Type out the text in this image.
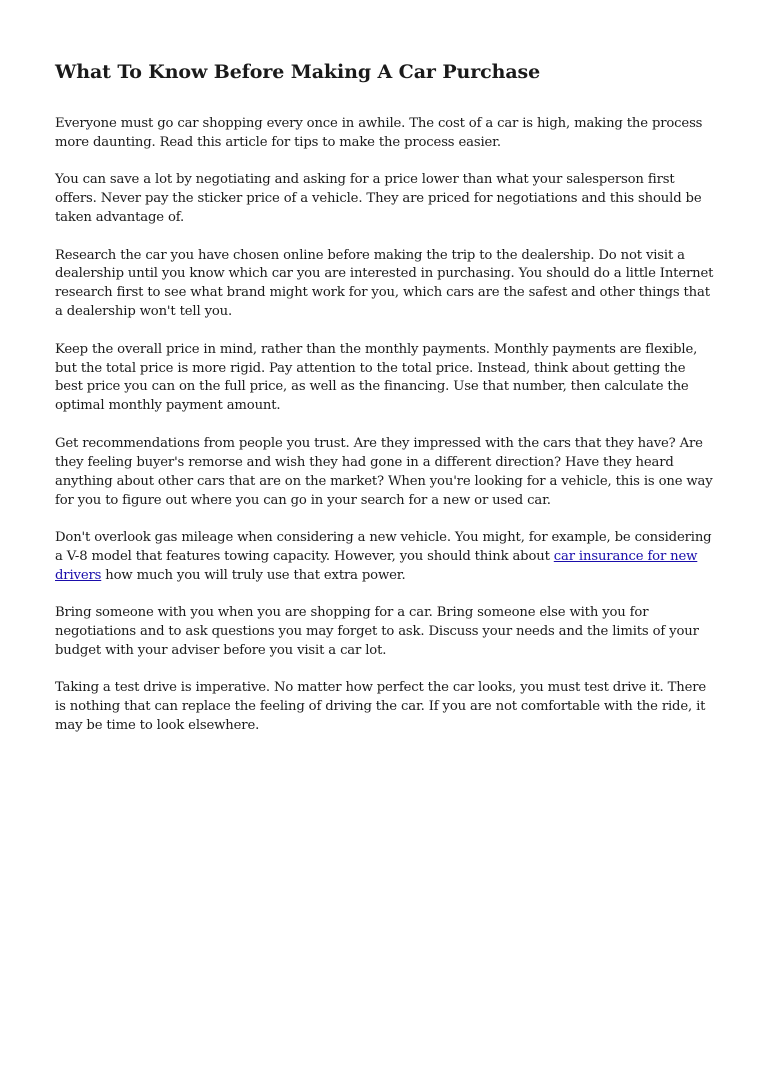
What To Know Before Making A Car Purchase

Everyone must go car shopping every once in awhile. The cost of a car is high, making the process more daunting. Read this article for tips to make the process easier.

You can save a lot by negotiating and asking for a price lower than what your salesperson first offers. Never pay the sticker price of a vehicle. They are priced for negotiations and this should be taken advantage of.

Research the car you have chosen online before making the trip to the dealership. Do not visit a dealership until you know which car you are interested in purchasing. You should do a little Internet research first to see what brand might work for you, which cars are the safest and other things that a dealership won't tell you.

Keep the overall price in mind, rather than the monthly payments. Monthly payments are flexible, but the total price is more rigid. Pay attention to the total price. Instead, think about getting the best price you can on the full price, as well as the financing. Use that number, then calculate the optimal monthly payment amount.

Get recommendations from people you trust. Are they impressed with the cars that they have? Are they feeling buyer's remorse and wish they had gone in a different direction? Have they heard anything about other cars that are on the market? When you're looking for a vehicle, this is one way for you to figure out where you can go in your search for a new or used car.

Don't overlook gas mileage when considering a new vehicle. You might, for example, be considering a V-8 model that features towing capacity. However, you should think about car insurance for new drivers how much you will truly use that extra power.

Bring someone with you when you are shopping for a car. Bring someone else with you for negotiations and to ask questions you may forget to ask. Discuss your needs and the limits of your budget with your adviser before you visit a car lot.

Taking a test drive is imperative. No matter how perfect the car looks, you must test drive it. There is nothing that can replace the feeling of driving the car. If you are not comfortable with the ride, it may be time to look elsewhere.
